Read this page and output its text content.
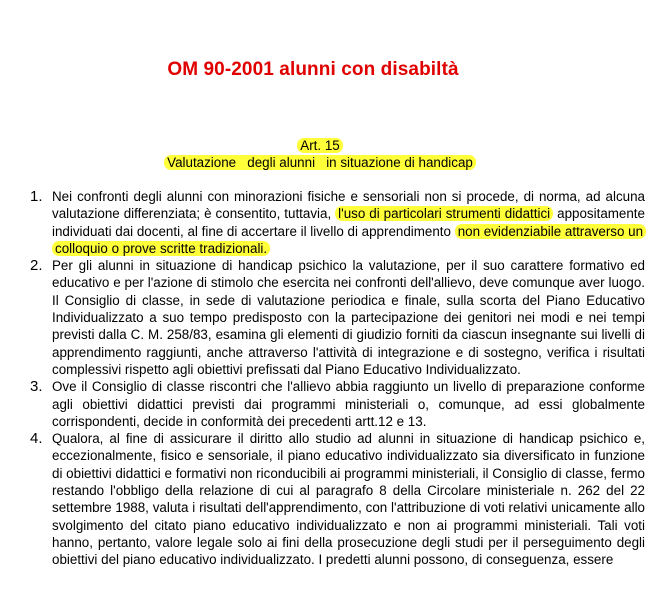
OM 90-2001 alunni con disabiltà
Art. 15
Valutazione   degli alunni   in situazione di handicap

1. Nei confronti degli alunni con minorazioni fisiche e sensoriali non si procede, di norma, ad alcuna valutazione differenziata; è consentito, tuttavia, l'uso di particolari strumenti didattici appositamente individuati dai docenti, al fine di accertare il livello di apprendimento non evidenziabile attraverso un colloquio o prove scritte tradizionali.

2. Per gli alunni in situazione di handicap psichico la valutazione, per il suo carattere formativo ed educativo e per l'azione di stimolo che esercita nei confronti dell'allievo, deve comunque aver luogo. Il Consiglio di classe, in sede di valutazione periodica e finale, sulla scorta del Piano Educativo Individualizzato a suo tempo predisposto con la partecipazione dei genitori nei modi e nei tempi previsti dalla C. M. 258/83, esamina gli elementi di giudizio forniti da ciascun insegnante sui livelli di apprendimento raggiunti, anche attraverso l'attività di integrazione e di sostegno, verifica i risultati complessivi rispetto agli obiettivi prefissati dal Piano Educativo Individualizzato.

3. Ove il Consiglio di classe riscontri che l'allievo abbia raggiunto un livello di preparazione conforme agli obiettivi didattici previsti dai programmi ministeriali o, comunque, ad essi globalmente corrispondenti, decide in conformità dei precedenti artt.12 e 13.

4. Qualora, al fine di assicurare il diritto allo studio ad alunni in situazione di handicap psichico e, eccezionalmente, fisico e sensoriale, il piano educativo individualizzato sia diversificato in funzione di obiettivi didattici e formativi non riconducibili ai programmi ministeriali, il Consiglio di classe, fermo restando l'obbligo della relazione di cui al paragrafo 8 della Circolare ministeriale n. 262 del 22 settembre 1988, valuta i risultati dell'apprendimento, con l'attribuzione di voti relativi unicamente allo svolgimento del citato piano educativo individualizzato e non ai programmi ministeriali. Tali voti hanno, pertanto, valore legale solo ai fini della prosecuzione degli studi per il perseguimento degli obiettivi del piano educativo individualizzato. I predetti alunni possono, di conseguenza, essere
